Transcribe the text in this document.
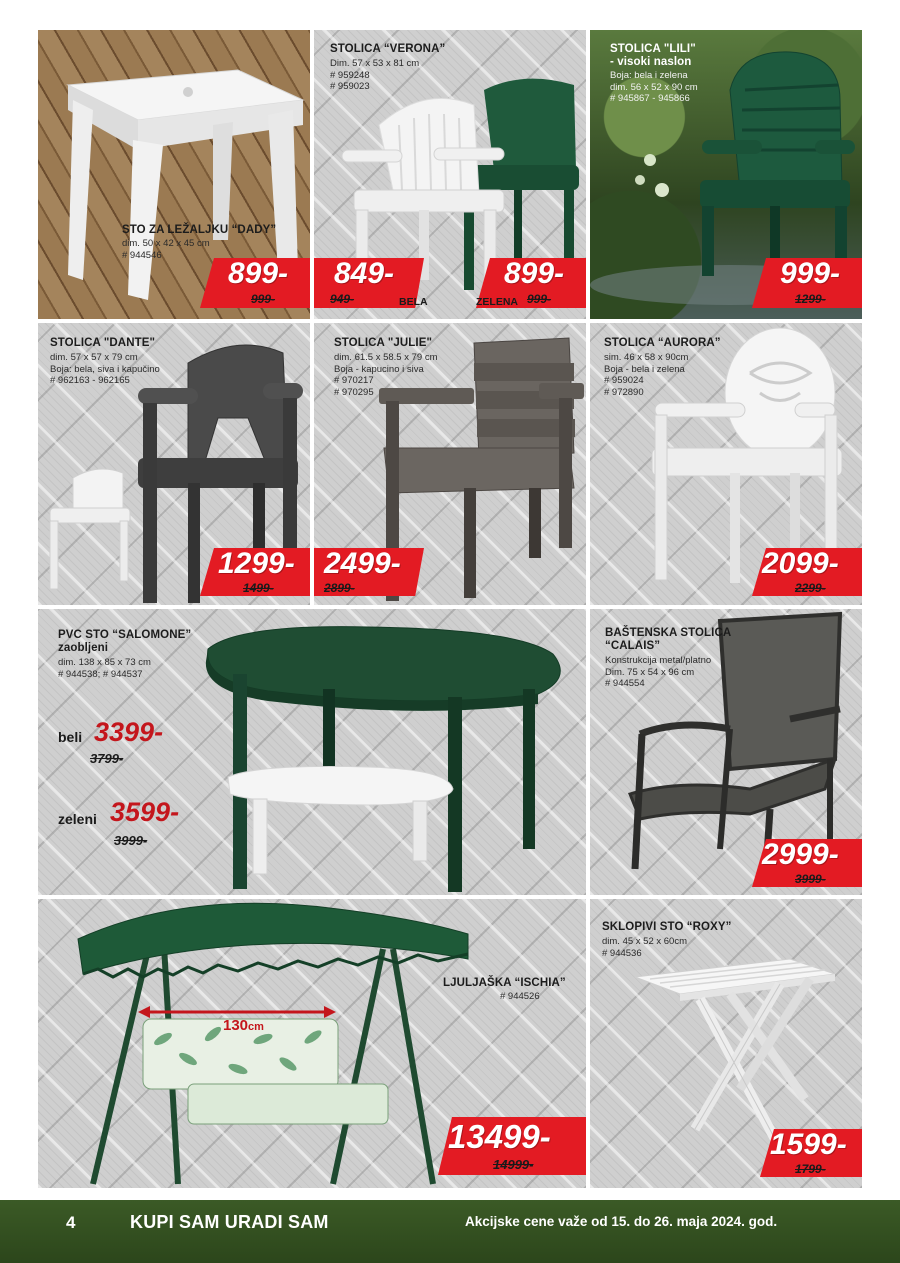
STO ZA LEŽALJKU “DADY”
dim. 50 x 42 x 45 cm
# 944546
899-
999-
STOLICA “VERONA”
Dim. 57 x 53 x 81 cm
# 959248
# 959023
849-
949-	BELA
899-
999-
ZELENA
STOLICA "LILI"
- visoki naslon
Boja: bela i zelena
dim. 56 x 52 x 90 cm
# 945867 - 945866
999-
1299-
STOLICA "DANTE"
dim. 57 x 57 x 79 cm
Boja: bela, siva i kapučino
# 962163 - 962165
1299-
1499-
STOLICA "JULIE"
dim. 61.5 x 58.5 x 79 cm
Boja - kapucino i siva
# 970217
# 970295
2499-
2899-
STOLICA “AURORA”
sim. 46 x 58 x 90cm
Boja - bela i zelena
# 959024
# 972890
2099-
2299-
PVC STO “SALOMONE”
zaobljeni
dim. 138 x 85 x 73 cm
# 944538; # 944537
beli 3399-
3799-
zeleni 3599-
3999-
BAŠTENSKA STOLICA
“CALAIS”
Konstrukcija metal/platno
Dim. 75 x 54 x 96 cm
# 944554
2999-
3999-
130cm
LJULJAŠKA “ISCHIA”
# 944526
13499-
14999-
SKLOPIVI STO “ROXY”
dim. 45 x 52 x 60cm
# 944536
1599-
1799-
4	KUPI SAM URADI SAM	Akcijske cene važe od 15. do 26. maja 2024. god.
